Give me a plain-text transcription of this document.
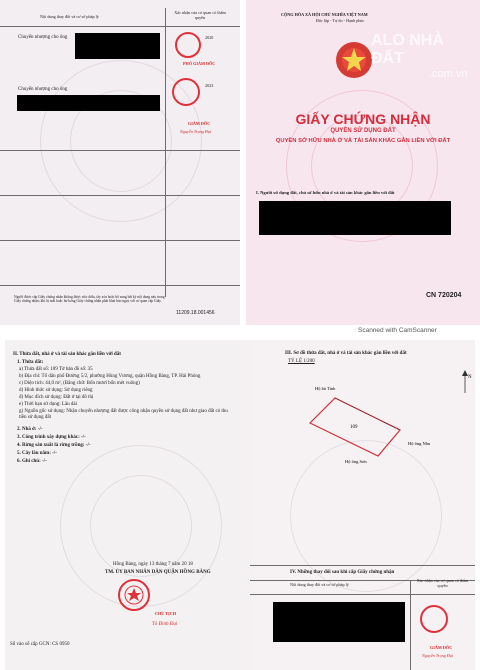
Nội dung thay đổi và cơ sở pháp lý
Xác nhận của cơ quan có thẩm quyền
Chuyển nhượng cho ông
Chuyển nhượng cho ông
PHÓ GIÁM ĐỐC
2020
2023
GIÁM ĐỐC
Nguyễn Trọng Đại
Người được cấp Giấy chứng nhận không được sửa chữa, tẩy xóa hoặc bổ sung bất kỳ nội dung nào trong Giấy chứng nhận; khi bị mất hoặc hư hỏng Giấy chứng nhận phải khai báo ngay với cơ quan cấp Giấy.
11209.18.001456
CỘNG HÒA XÃ HỘI CHỦ NGHĨA VIỆT NAM
Độc lập - Tự do - Hạnh phúc
ALO NHÀ ĐẤT
.com.vn
GIẤY CHỨNG NHẬN
QUYỀN SỬ DỤNG ĐẤT
QUYỀN SỞ HỮU NHÀ Ở VÀ TÀI SẢN KHÁC GẮN LIỀN VỚI ĐẤT
I. Người sử dụng đất, chủ sở hữu nhà ở và tài sản khác gắn liền với đất
CN 720204
Scanned with CamScanner
II. Thửa đất, nhà ở và tài sản khác gắn liền với đất
1. Thửa đất:
a) Thửa đất số: 109 Tờ bản đồ số: 35
b) Địa chỉ: Tổ dân phố Đường 5/2, phường Hùng Vương, quận Hồng Bàng, TP. Hải Phòng
c) Diện tích: 44,0 m², (Bằng chữ: Bốn mươi bốn mét vuông)
d) Hình thức sử dụng: Sử dụng riêng
đ) Mục đích sử dụng: Đất ở tại đô thị
e) Thời hạn sử dụng: Lâu dài
g) Nguồn gốc sử dụng: Nhận chuyển nhượng đất được công nhận quyền sử dụng đất như giao đất có thu tiền sử dụng đất
2. Nhà ở: -/-
3. Công trình xây dựng khác: -/-
4. Rừng sản xuất là rừng trồng: -/-
5. Cây lâu năm: -/-
6. Ghi chú: -/-
Hồng Bàng, ngày 13 tháng 7 năm 20 18
TM. ỦY BAN NHÂN DÂN QUẬN HỒNG BÀNG
CHỦ TỊCH
Tô Đình Đại
Số vào sổ cấp GCN: CS 0950
III. Sơ đồ thửa đất, nhà ở và tài sản khác gắn liền với đất
TỶ LỆ 1/200
N
109
Hộ bà Tình
Hộ ông Sơn
Hộ ông Nhu
IV. Những thay đổi sau khi cấp Giấy chứng nhận
Nội dung thay đổi và cơ sở pháp lý
Xác nhận của cơ quan có thẩm quyền
GIÁM ĐỐC
Nguyễn Trọng Đại
